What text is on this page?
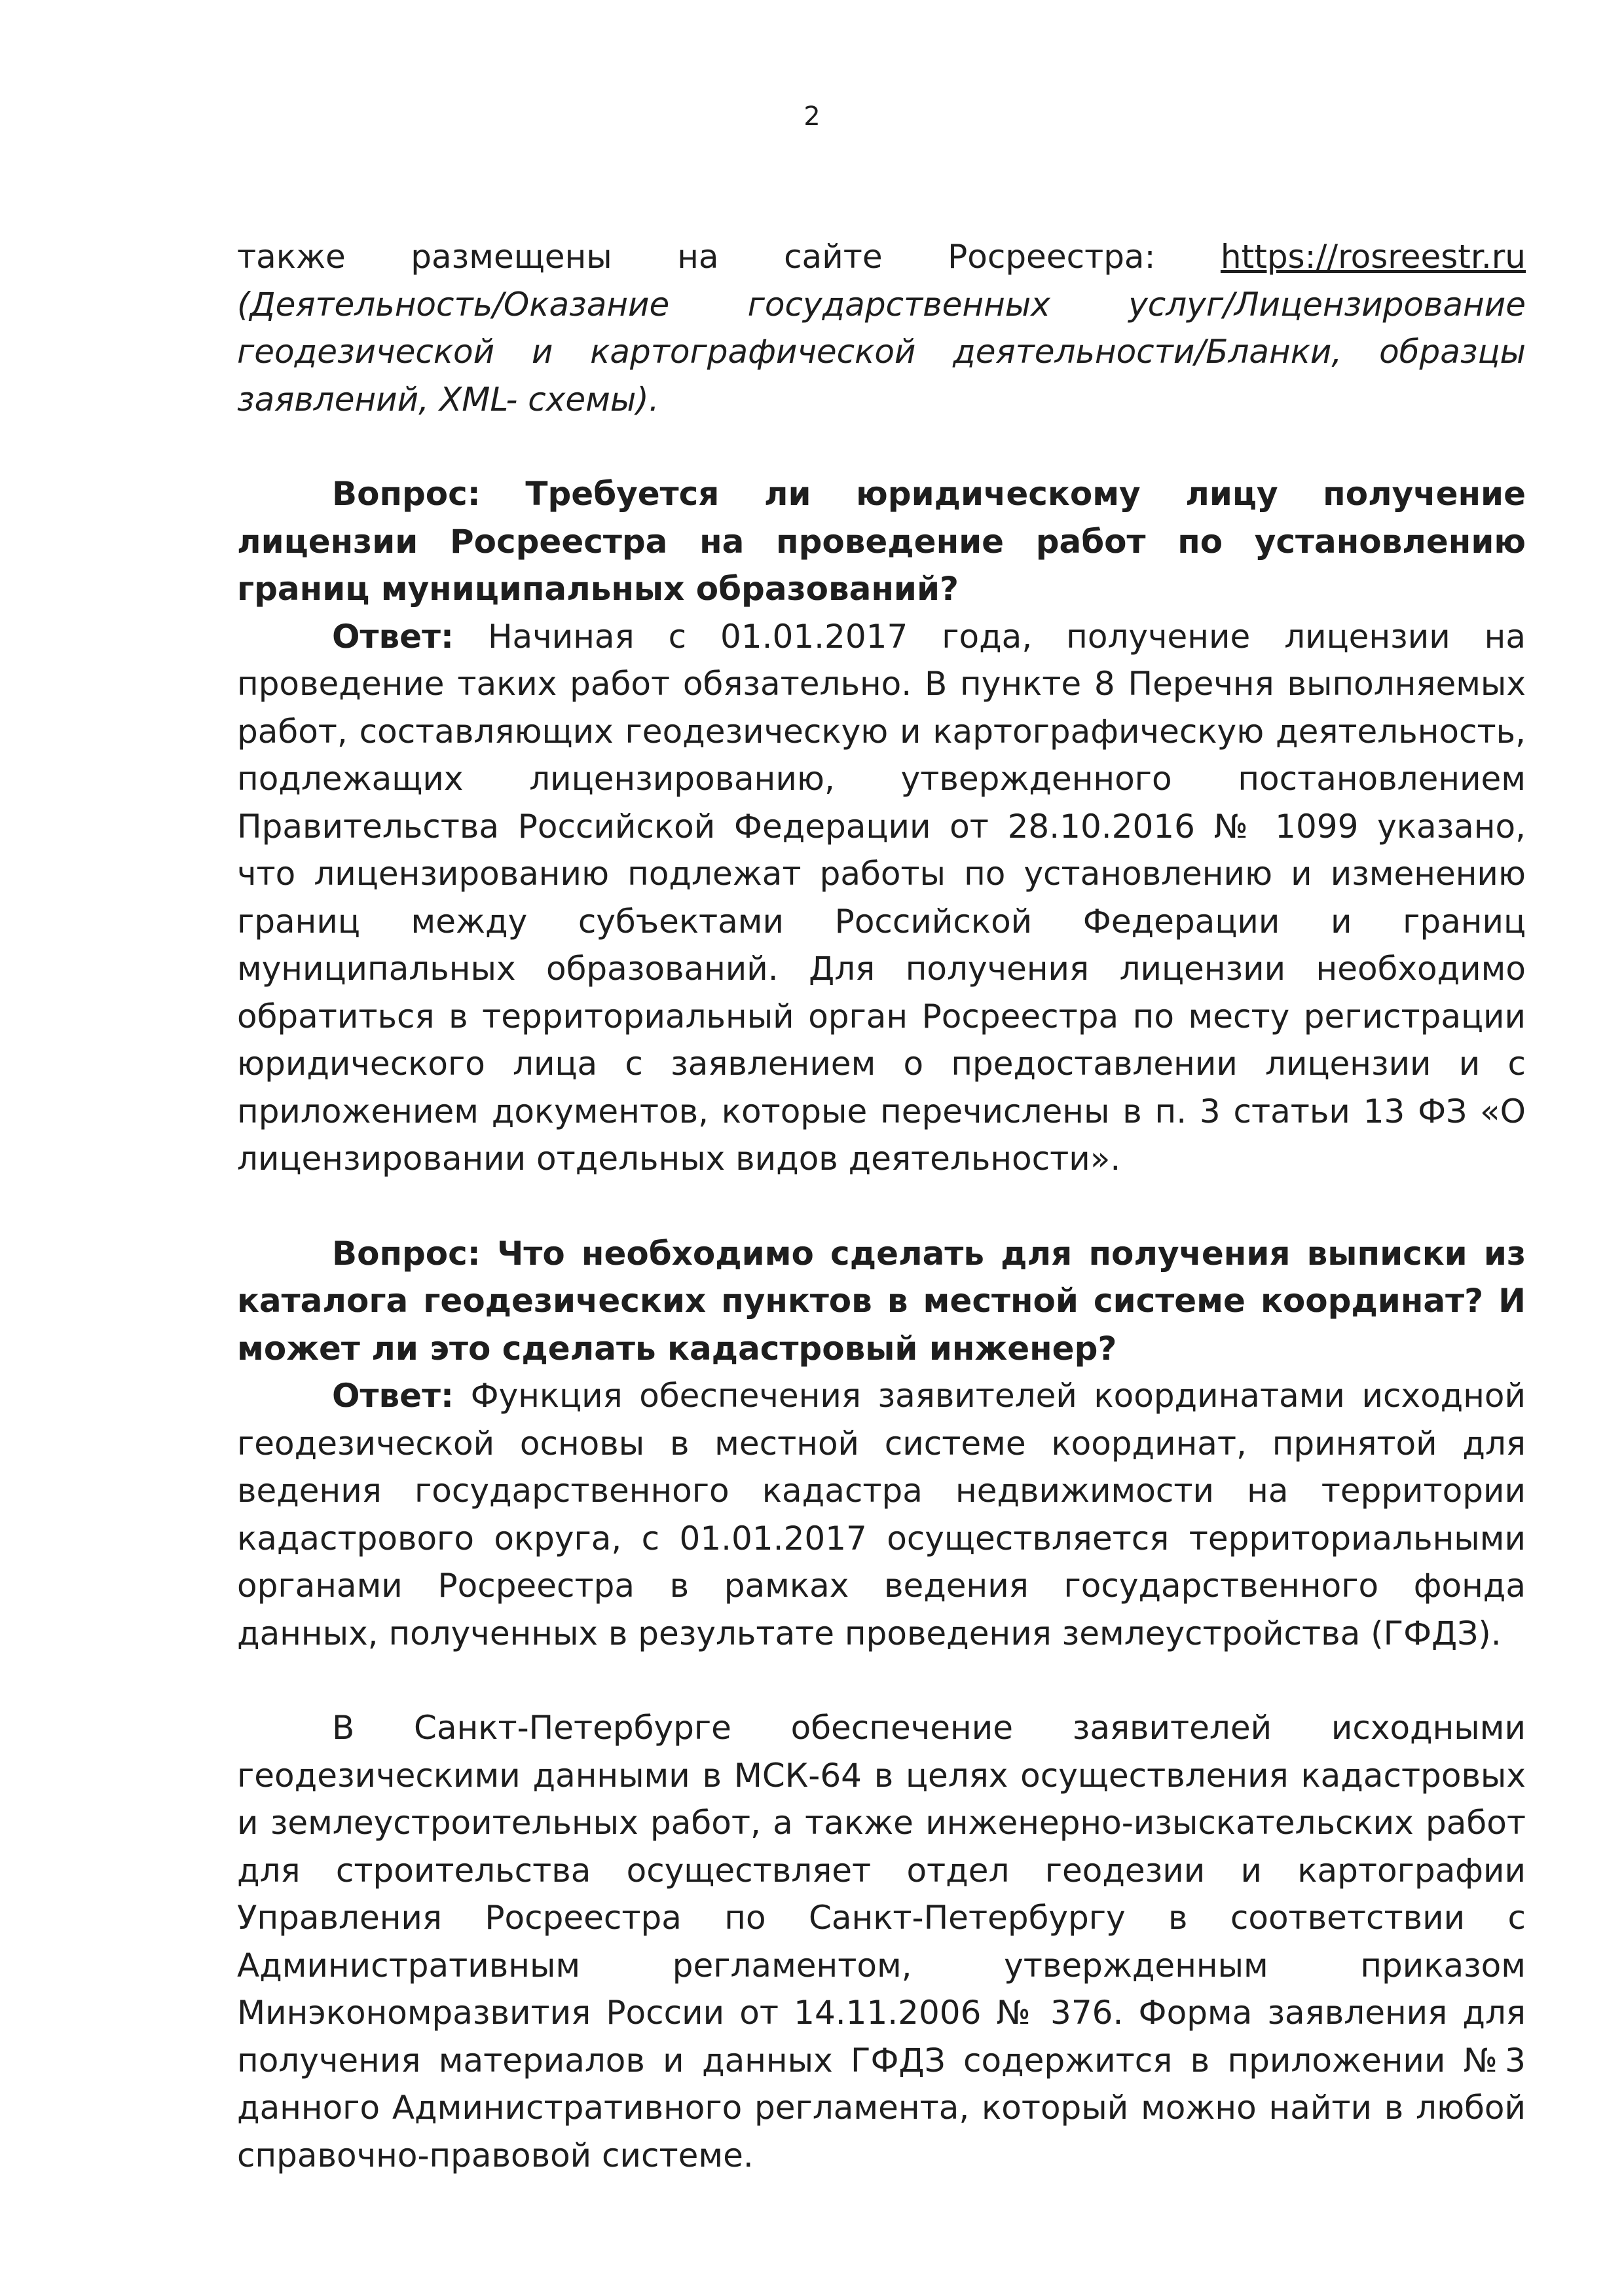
2

также размещены на сайте Росреестра: https://rosreestr.ru (Деятельность/Оказание государственных услуг/Лицензирование геодезической и картографической деятельности/Бланки, образцы заявлений, XML- схемы).

Вопрос: Требуется ли юридическому лицу получение лицензии Росреестра на проведение работ по установлению границ муниципальных образований?

Ответ: Начиная с 01.01.2017 года, получение лицензии на проведение таких работ обязательно. В пункте 8 Перечня выполняемых работ, составляющих геодезическую и картографическую деятельность, подлежащих лицензированию, утвержденного постановлением Правительства Российской Федерации от 28.10.2016 № 1099 указано, что лицензированию подлежат работы по установлению и изменению границ между субъектами Российской Федерации и границ муниципальных образований. Для получения лицензии необходимо обратиться в территориальный орган Росреестра по месту регистрации юридического лица с заявлением о предоставлении лицензии и с приложением документов, которые перечислены в п. 3 статьи 13 ФЗ «О лицензировании отдельных видов деятельности».

Вопрос: Что необходимо сделать для получения выписки из каталога геодезических пунктов в местной системе координат? И может ли это сделать кадастровый инженер?

Ответ: Функция обеспечения заявителей координатами исходной геодезической основы в местной системе координат, принятой для ведения государственного кадастра недвижимости на территории кадастрового округа, с 01.01.2017 осуществляется территориальными органами Росреестра в рамках ведения государственного фонда данных, полученных в результате проведения землеустройства (ГФДЗ).

В Санкт-Петербурге обеспечение заявителей исходными геодезическими данными в МСК-64 в целях осуществления кадастровых и землеустроительных работ, а также инженерно-изыскательских работ для строительства осуществляет отдел геодезии и картографии Управления Росреестра по Санкт-Петербургу в соответствии с Административным регламентом, утвержденным приказом Минэкономразвития России от 14.11.2006 № 376. Форма заявления для получения материалов и данных ГФДЗ содержится в приложении №3 данного Административного регламента, который можно найти в любой справочно-правовой системе.
